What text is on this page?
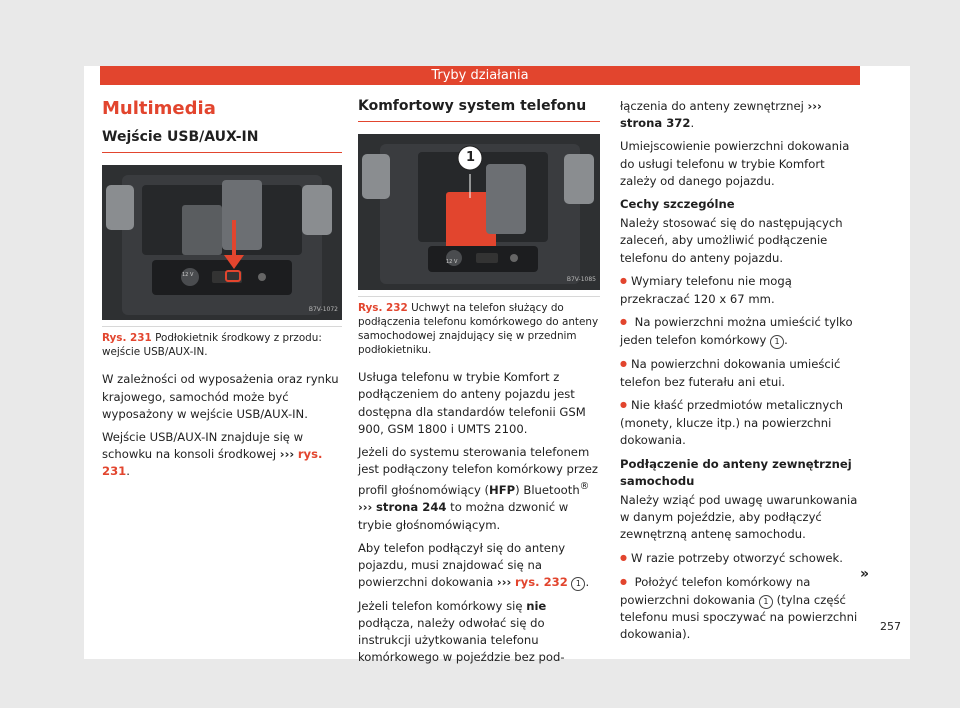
Tryby działania
Multimedia
Wejście USB/AUX-IN
12 V
B7V-1072
Rys. 231 Podłokietnik środkowy z przodu: wejście USB/AUX-IN.

W zależności od wyposażenia oraz rynku krajowego, samochód może być wyposażony w wejście USB/AUX-IN.

Wejście USB/AUX-IN znajduje się w schowku na konsoli środkowej ››› rys. 231.

Komfortowy system telefonu
1
12 V
B7V-1085
Rys. 232 Uchwyt na telefon służący do podłączenia telefonu komórkowego do anteny samochodowej znajdujący się w przednim podłokietniku.

Usługa telefonu w trybie Komfort z podłączeniem do anteny pojazdu jest dostępna dla standardów telefonii GSM 900, GSM 1800 i UMTS 2100.

Jeżeli do systemu sterowania telefonem jest podłączony telefon komórkowy przez profil głośnomówiący (HFP) Bluetooth® ››› strona 244 to można dzwonić w trybie głośnomówiącym.

Aby telefon podłączył się do anteny pojazdu, musi znajdować się na powierzchni dokowania ››› rys. 232 1 .

Jeżeli telefon komórkowy się nie podłącza, należy odwołać się do instrukcji użytkowania telefonu komórkowego w pojeździe bez pod-

łączenia do anteny zewnętrznej ››› strona 372.

Umiejscowienie powierzchni dokowania do usługi telefonu w trybie Komfort zależy od danego pojazdu.

Cechy szczególne

Należy stosować się do następujących zaleceń, aby umożliwić podłączenie telefonu do anteny pojazdu.

● Wymiary telefonu nie mogą przekraczać 120 x 67 mm.

● Na powierzchni można umieścić tylko jeden telefon komórkowy 1 .

● Na powierzchni dokowania umieścić telefon bez futerału ani etui.

● Nie kłaść przedmiotów metalicznych (monety, klucze itp.) na powierzchni dokowania.

Podłączenie do anteny zewnętrznej samochodu

Należy wziąć pod uwagę uwarunkowania w danym pojeździe, aby podłączyć zewnętrzną antenę samochodu.

● W razie potrzeby otworzyć schowek.

● Położyć telefon komórkowy na powierzchni dokowania 1 (tylna część telefonu musi spoczywać na powierzchni dokowania).

»
257
